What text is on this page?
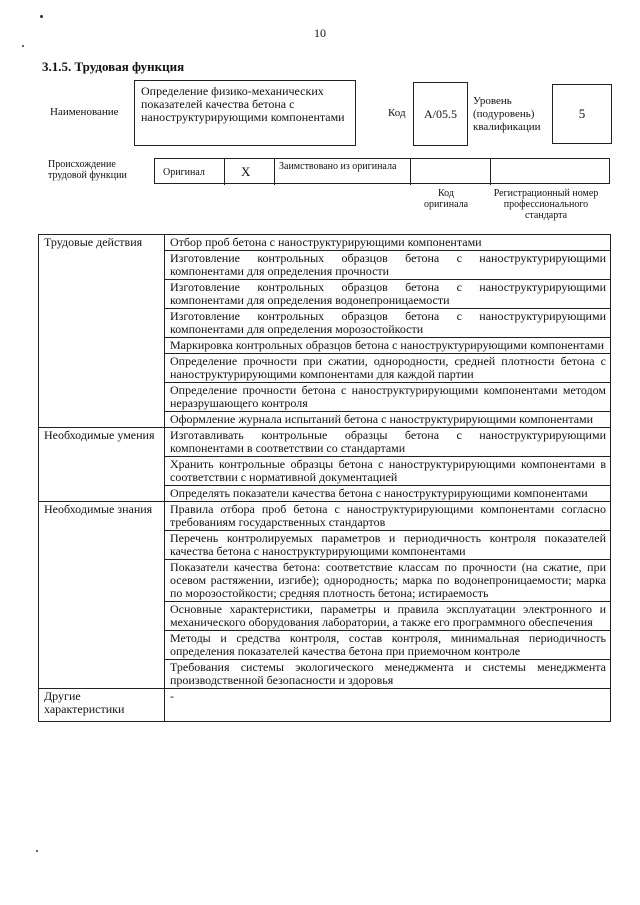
10
3.1.5. Трудовая функция
Наименование
Определение физико-механических показателей качества бетона с наноструктурирующими компонентами	Код	A/05.5
Уровень (подуровень) квалификации
5
Происхождение трудовой функции	Оригинал	X	Заимствовано из оригинала
Код оригинала
Регистрационный номер профессионального стандарта
Трудовые действия	Отбор проб бетона с наноструктурирующими компонентами
	Изготовление контрольных образцов бетона с наноструктурирующими компонентами для определения прочности
	Изготовление контрольных образцов бетона с наноструктурирующими компонентами для определения водонепроницаемости
	Изготовление контрольных образцов бетона с наноструктурирующими компонентами для определения морозостойкости
	Маркировка контрольных образцов бетона с наноструктурирующими компонентами
	Определение прочности при сжатии, однородности, средней плотности бетона с наноструктурирующими компонентами для каждой партии
	Определение прочности бетона с наноструктурирующими компонентами методом неразрушающего контроля
	Оформление журнала испытаний бетона с наноструктурирующими компонентами
Необходимые умения	Изготавливать контрольные образцы бетона с наноструктурирующими компонентами в соответствии со стандартами
	Хранить контрольные образцы бетона с наноструктурирующими компонентами в соответствии с нормативной документацией
	Определять показатели качества бетона с наноструктурирующими компонентами
Необходимые знания	Правила отбора проб бетона с наноструктурирующими компонентами согласно требованиям государственных стандартов
	Перечень контролируемых параметров и периодичность контроля показателей качества бетона с наноструктурирующими компонентами
	Показатели качества бетона: соответствие классам по прочности (на сжатие, при осевом растяжении, изгибе); однородность; марка по водонепроницаемости; марка по морозостойкости; средняя плотность бетона; истираемость
	Основные характеристики, параметры и правила эксплуатации электронного и механического оборудования лаборатории, а также его программного обеспечения
	Методы и средства контроля, состав контроля, минимальная периодичность определения показателей качества бетона при приемочном контроле
	Требования системы экологического менеджмента и системы менеджмента производственной безопасности и здоровья
Другие характеристики	-
